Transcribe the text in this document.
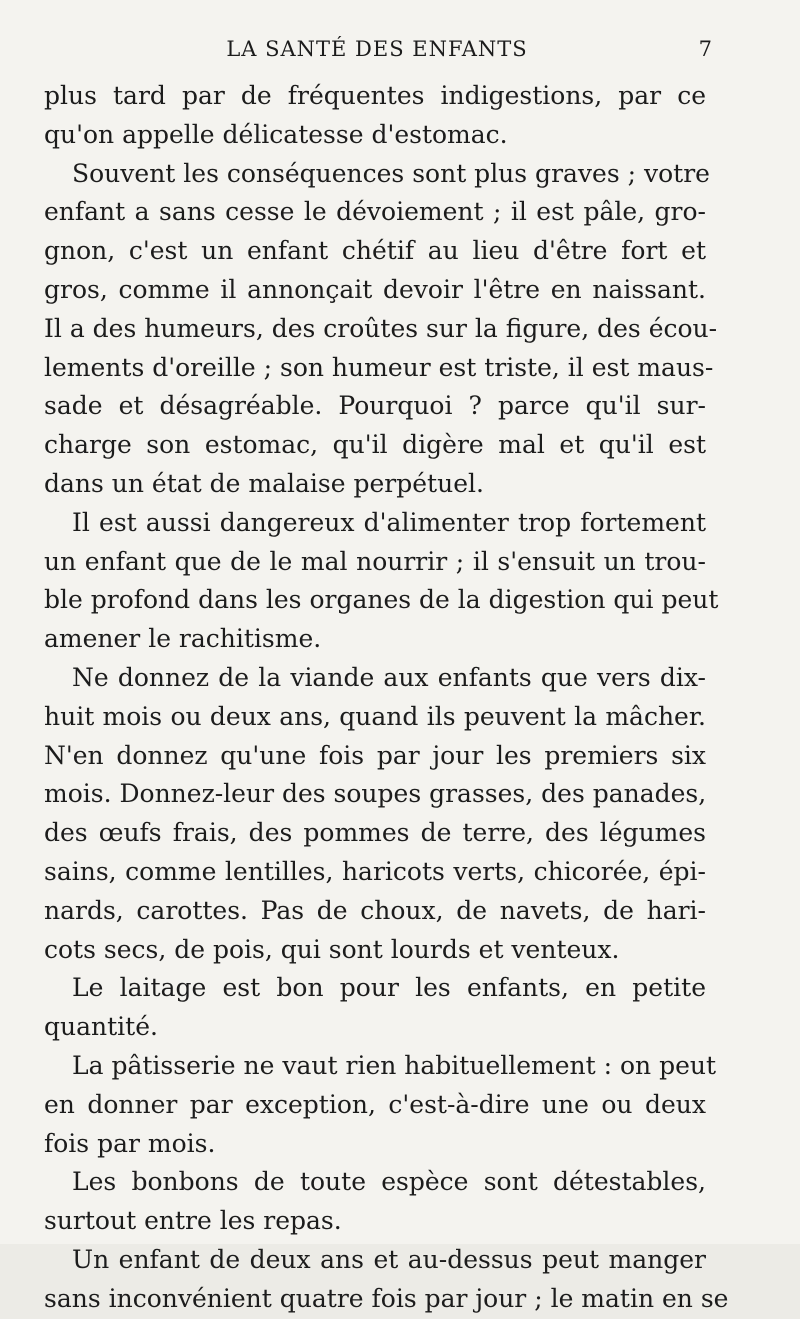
LA SANTÉ DES ENFANTS	7
plus tard par de fréquentes indigestions, par ce
qu'on appelle délicatesse d'estomac.
Souvent les conséquences sont plus graves ; votre
enfant a sans cesse le dévoiement ; il est pâle, gro-
gnon, c'est un enfant chétif au lieu d'être fort et
gros, comme il annonçait devoir l'être en naissant.
Il a des humeurs, des croûtes sur la figure, des écou-
lements d'oreille ; son humeur est triste, il est maus-
sade et désagréable. Pourquoi ? parce qu'il sur-
charge son estomac, qu'il digère mal et qu'il est
dans un état de malaise perpétuel.
Il est aussi dangereux d'alimenter trop fortement
un enfant que de le mal nourrir ; il s'ensuit un trou-
ble profond dans les organes de la digestion qui peut
amener le rachitisme.
Ne donnez de la viande aux enfants que vers dix-
huit mois ou deux ans, quand ils peuvent la mâcher.
N'en donnez qu'une fois par jour les premiers six
mois. Donnez-leur des soupes grasses, des panades,
des œufs frais, des pommes de terre, des légumes
sains, comme lentilles, haricots verts, chicorée, épi-
nards, carottes. Pas de choux, de navets, de hari-
cots secs, de pois, qui sont lourds et venteux.
Le laitage est bon pour les enfants, en petite
quantité.
La pâtisserie ne vaut rien habituellement : on peut
en donner par exception, c'est-à-dire une ou deux
fois par mois.
Les bonbons de toute espèce sont détestables,
surtout entre les repas.
Un enfant de deux ans et au-dessus peut manger
sans inconvénient quatre fois par jour ; le matin en se
